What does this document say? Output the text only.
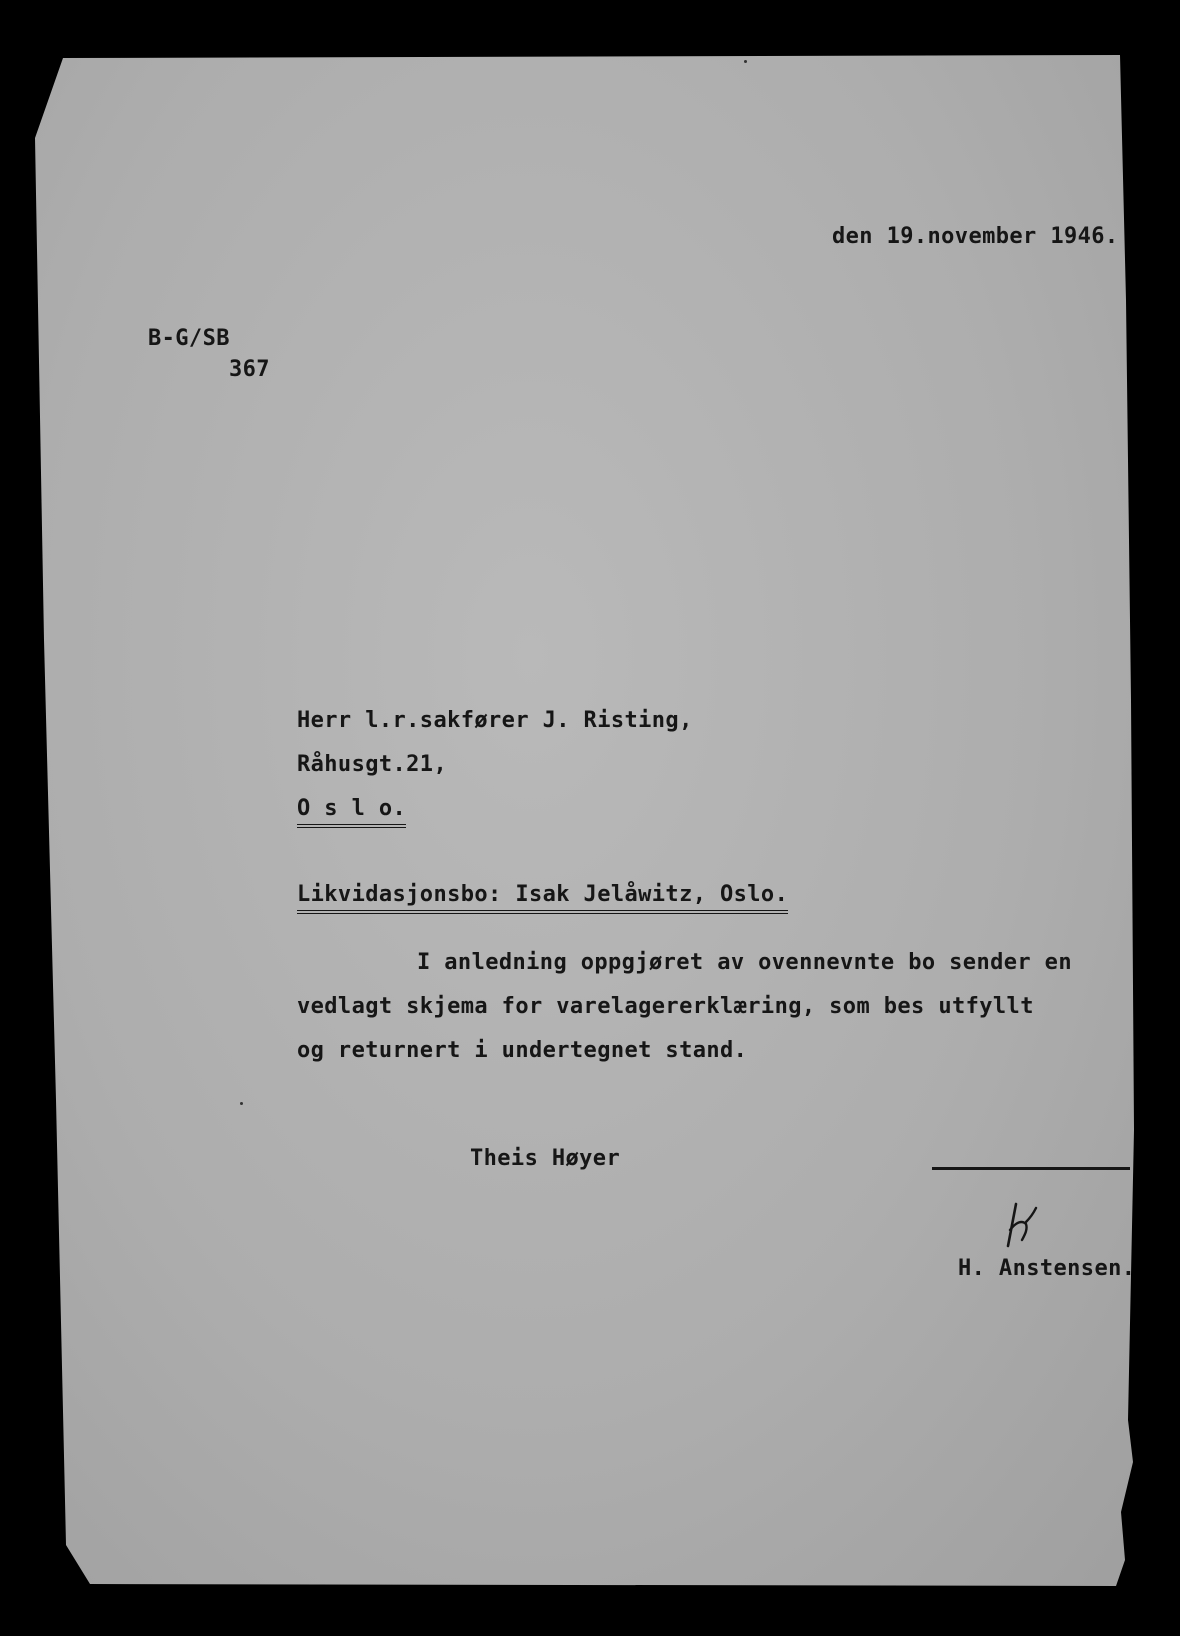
den 19.november 1946.
B-G/SB
367
Herr l.r.sakfører J. Risting,
Råhusgt.21,
O s l o.
Likvidasjonsbo: Isak Jelåwitz, Oslo.
I anledning oppgjøret av ovennevnte bo sender en
vedlagt skjema for varelagererklæring, som bes utfyllt
og returnert i undertegnet stand.
Theis Høyer
H. Anstensen.
